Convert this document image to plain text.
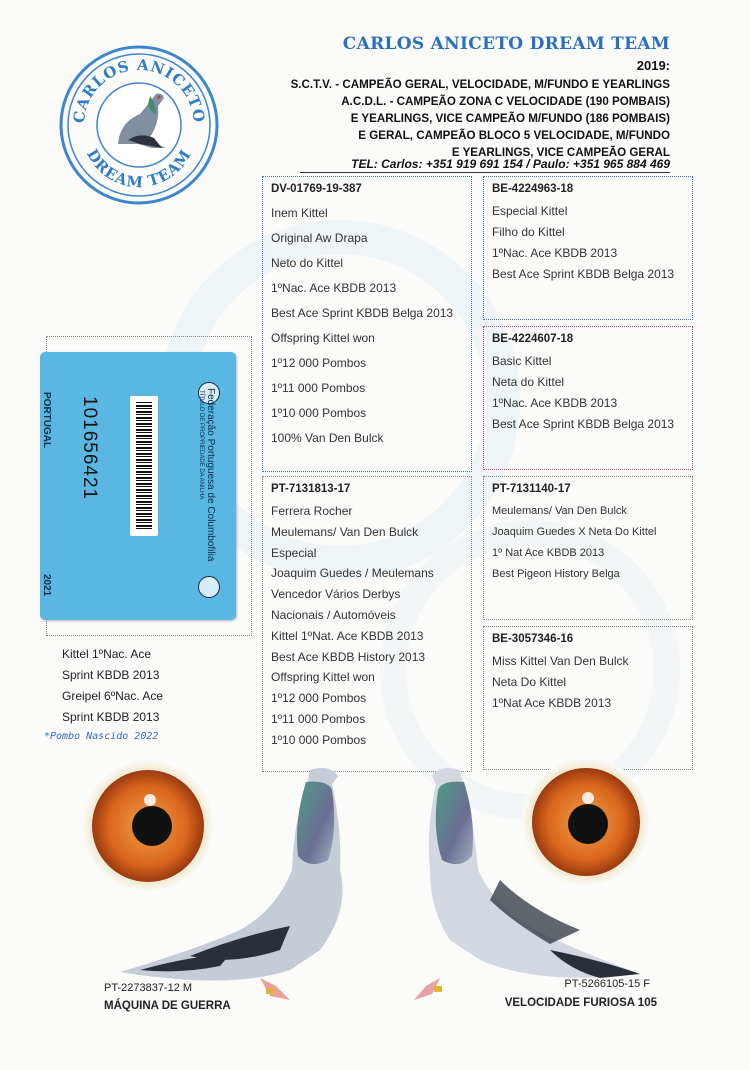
CARLOS ANICETO
DREAM TEAM
CARLOS ANICETO DREAM TEAM
2019:
S.C.T.V. - CAMPEÃO GERAL, VELOCIDADE, M/FUNDO E YEARLINGS
A.C.D.L. - CAMPEÃO ZONA C VELOCIDADE (190 POMBAIS)
E YEARLINGS, VICE CAMPEÃO M/FUNDO (186 POMBAIS)
E GERAL, CAMPEÃO BLOCO 5 VELOCIDADE, M/FUNDO
E YEARLINGS, VICE CAMPEÃO GERAL
TEL: Carlos: +351 919 691 154 / Paulo: +351 965 884 469
Federação Portuguesa de Columbofilia
TÍTULO DE PROPRIEDADE DA ANILHA
PORTUGAL
2021
101656421
Kittel 1ºNac. Ace
Sprint KBDB 2013
Greipel 6ºNac. Ace
Sprint KBDB 2013
*Pombo Nascido 2022
DV-01769-19-387
Inem Kittel
Original Aw Drapa
Neto do Kittel
1ºNac. Ace KBDB 2013
Best Ace Sprint KBDB Belga 2013
Offspring Kittel won
1º12 000 Pombos
1º11 000 Pombos
1º10 000 Pombos
100% Van Den Bulck
BE-4224963-18
Especial Kittel
Filho do Kittel
1ºNac. Ace KBDB 2013
Best Ace Sprint KBDB Belga 2013
BE-4224607-18
Basic Kittel
Neta do Kittel
1ºNac. Ace KBDB 2013
Best Ace Sprint KBDB Belga 2013
PT-7131813-17
Ferrera Rocher
Meulemans/ Van Den Bulck
Especial
Joaquim Guedes / Meulemans
Vencedor Vários Derbys
Nacionais / Automóveis
Kittel 1ºNat. Ace KBDB 2013
Best Ace KBDB History 2013
Offspring Kittel won
1º12 000 Pombos
1º11 000 Pombos
1º10 000 Pombos
PT-7131140-17
Meulemans/ Van Den Bulck
Joaquim Guedes X Neta Do Kittel
1º Nat Ace KBDB 2013
Best Pigeon History Belga
BE-3057346-16
Miss Kittel Van Den Bulck
Neta Do Kittel
1ºNat Ace KBDB 2013
PT-2273837-12 M
MÁQUINA DE GUERRA
PT-5266105-15 F
VELOCIDADE FURIOSA 105
